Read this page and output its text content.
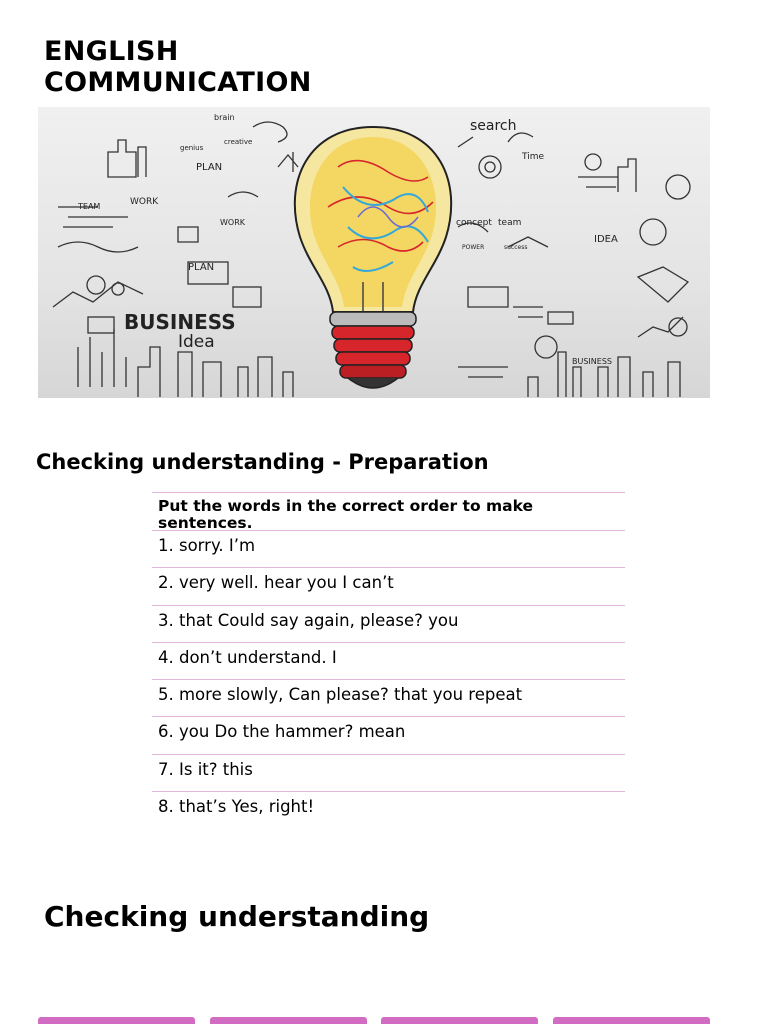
ENGLISH
COMMUNICATION
BUSINESS
Idea
search
PLAN
PLAN
WORK
WORK
TEAM
team
concept
Time
IDEA
BUSINESS
brain
genius
creative
POWER	success
Checking understanding - Preparation
Put the words in the correct order to make sentences.
1. sorry. I’m
2. very well. hear you I can’t
3. that Could say again, please? you
4. don’t understand. I
5. more slowly, Can please? that you repeat
6. you Do the hammer? mean
7. Is it? this
8. that’s Yes, right!
Checking understanding
